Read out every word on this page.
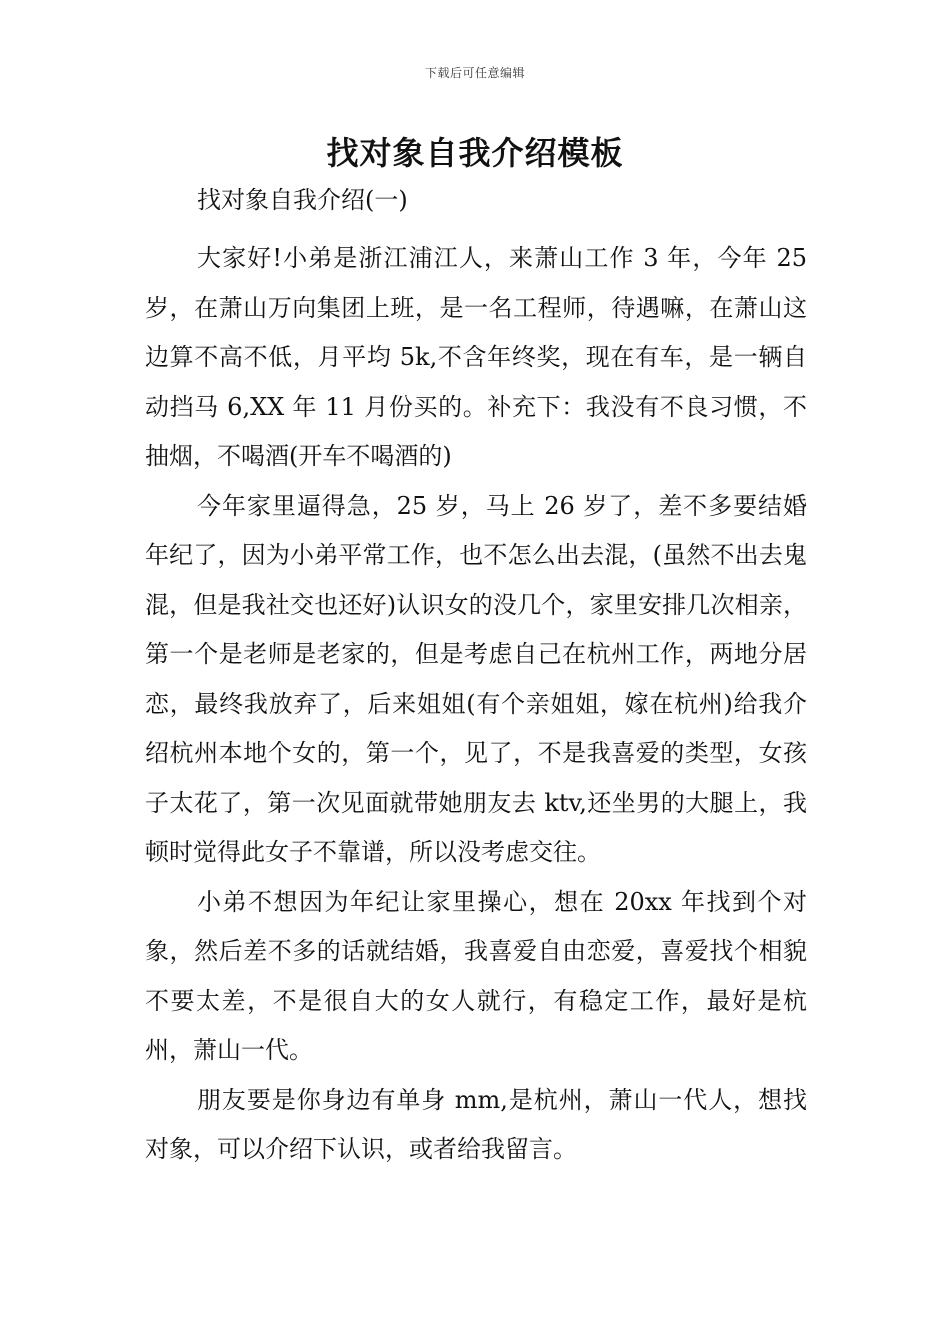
下载后可任意编辑
找对象自我介绍模板

找对象自我介绍(一)

大家好!小弟是浙江浦江人，来萧山工作 3 年，今年 25 岁，在萧山万向集团上班，是一名工程师，待遇嘛，在萧山这边算不高不低，月平均 5k,不含年终奖，现在有车，是一辆自动挡马 6,XX 年 11 月份买的。补充下：我没有不良习惯，不抽烟，不喝酒(开车不喝酒的)

今年家里逼得急，25 岁，马上 26 岁了，差不多要结婚年纪了，因为小弟平常工作，也不怎么出去混，(虽然不出去鬼混，但是我社交也还好)认识女的没几个，家里安排几次相亲，第一个是老师是老家的，但是考虑自己在杭州工作，两地分居恋，最终我放弃了，后来姐姐(有个亲姐姐，嫁在杭州)给我介绍杭州本地个女的，第一个，见了，不是我喜爱的类型，女孩子太花了，第一次见面就带她朋友去 ktv,还坐男的大腿上，我顿时觉得此女子不靠谱，所以没考虑交往。

小弟不想因为年纪让家里操心，想在 20xx 年找到个对象，然后差不多的话就结婚，我喜爱自由恋爱，喜爱找个相貌不要太差，不是很自大的女人就行，有稳定工作，最好是杭州，萧山一代。

朋友要是你身边有单身 mm,是杭州，萧山一代人，想找对象，可以介绍下认识，或者给我留言。
